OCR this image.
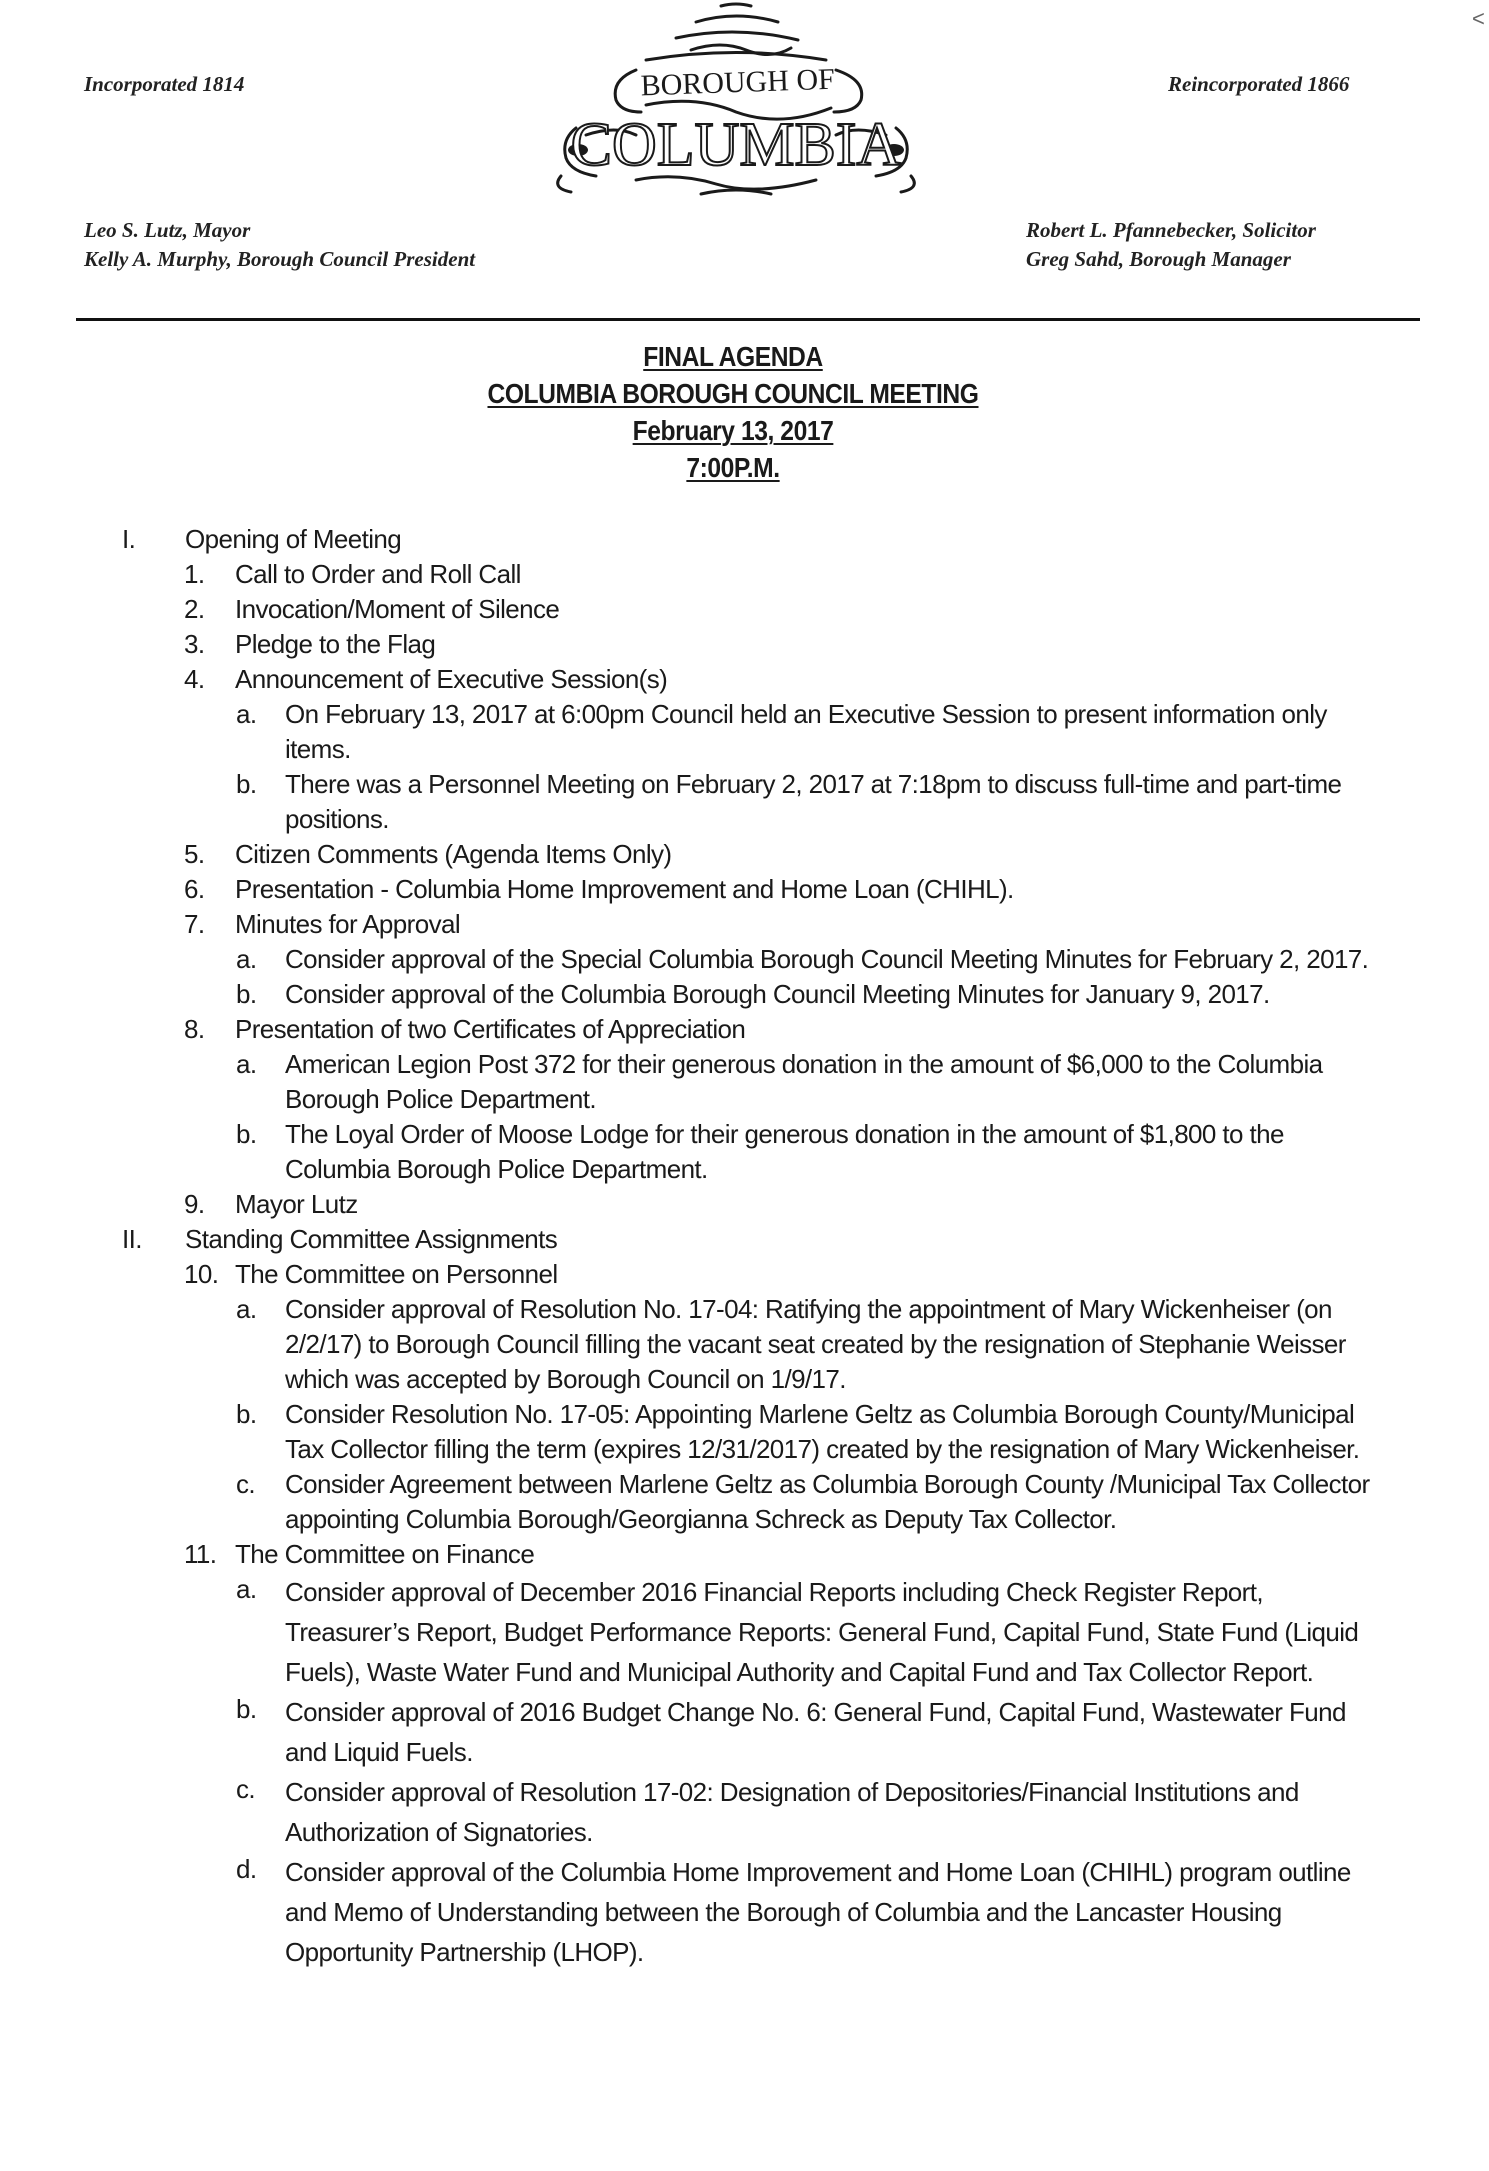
<
Incorporated 1814	Reincorporated 1866
BOROUGH OF
COLUMBIA
Leo S. Lutz, Mayor
Kelly A. Murphy, Borough Council President
Robert L. Pfannebecker, Solicitor
Greg Sahd, Borough Manager
FINAL AGENDA
COLUMBIA BOROUGH COUNCIL MEETING
February 13, 2017
7:00P.M.
I. Opening of Meeting
1. Call to Order and Roll Call
2. Invocation/Moment of Silence
3. Pledge to the Flag
4. Announcement of Executive Session(s)
a. On February 13, 2017 at 6:00pm Council held an Executive Session to present information only items.
b. There was a Personnel Meeting on February 2, 2017 at 7:18pm to discuss full-time and part-time positions.
5. Citizen Comments (Agenda Items Only)
6. Presentation - Columbia Home Improvement and Home Loan (CHIHL).
7. Minutes for Approval
a. Consider approval of the Special Columbia Borough Council Meeting Minutes for February 2, 2017.
b. Consider approval of the Columbia Borough Council Meeting Minutes for January 9, 2017.
8. Presentation of two Certificates of Appreciation
a. American Legion Post 372 for their generous donation in the amount of $6,000 to the Columbia Borough Police Department.
b. The Loyal Order of Moose Lodge for their generous donation in the amount of $1,800 to the Columbia Borough Police Department.
9. Mayor Lutz
II. Standing Committee Assignments
10. The Committee on Personnel
a. Consider approval of Resolution No. 17-04: Ratifying the appointment of Mary Wickenheiser (on 2/2/17) to Borough Council filling the vacant seat created by the resignation of Stephanie Weisser which was accepted by Borough Council on 1/9/17.
b. Consider Resolution No. 17-05: Appointing Marlene Geltz as Columbia Borough County/Municipal Tax Collector filling the term (expires 12/31/2017) created by the resignation of Mary Wickenheiser.
c. Consider Agreement between Marlene Geltz as Columbia Borough County /Municipal Tax Collector appointing Columbia Borough/Georgianna Schreck as Deputy Tax Collector.
11. The Committee on Finance
a. Consider approval of December 2016 Financial Reports including Check Register Report, Treasurer’s Report, Budget Performance Reports: General Fund, Capital Fund, State Fund (Liquid Fuels), Waste Water Fund and Municipal Authority and Capital Fund and Tax Collector Report.
b. Consider approval of 2016 Budget Change No. 6: General Fund, Capital Fund, Wastewater Fund and Liquid Fuels.
c. Consider approval of Resolution 17-02: Designation of Depositories/Financial Institutions and Authorization of Signatories.
d. Consider approval of the Columbia Home Improvement and Home Loan (CHIHL) program outline and Memo of Understanding between the Borough of Columbia and the Lancaster Housing Opportunity Partnership (LHOP).
